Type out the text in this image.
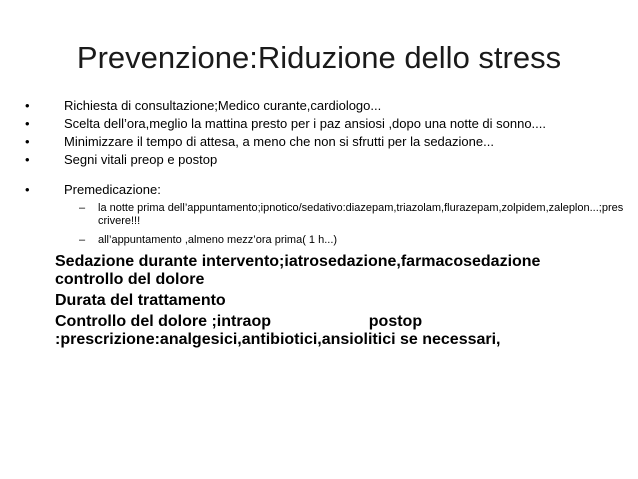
Prevenzione:Riduzione dello stress
•	Richiesta di consultazione;Medico curante,cardiologo...
•	Scelta dell’ora,meglio la mattina presto per i paz ansiosi ,dopo una notte di sonno....
•	Minimizzare il tempo di attesa, a meno che non si sfrutti per la sedazione...
•	Segni vitali preop e postop
•	Premedicazione:
– la notte prima dell’appuntamento;ipnotico/sedativo:diazepam,triazolam,flurazepam,zolpidem,zaleplon...;prescrivere!!!
– all’appuntamento ,almeno mezz’ora prima( 1 h...)
Sedazione durante intervento;iatrosedazione,farmacosedazione
controllo del dolore
Durata del trattamento
Controllo del dolore ;intraop                      postop
:prescrizione:analgesici,antibiotici,ansiolitici se necessari,
